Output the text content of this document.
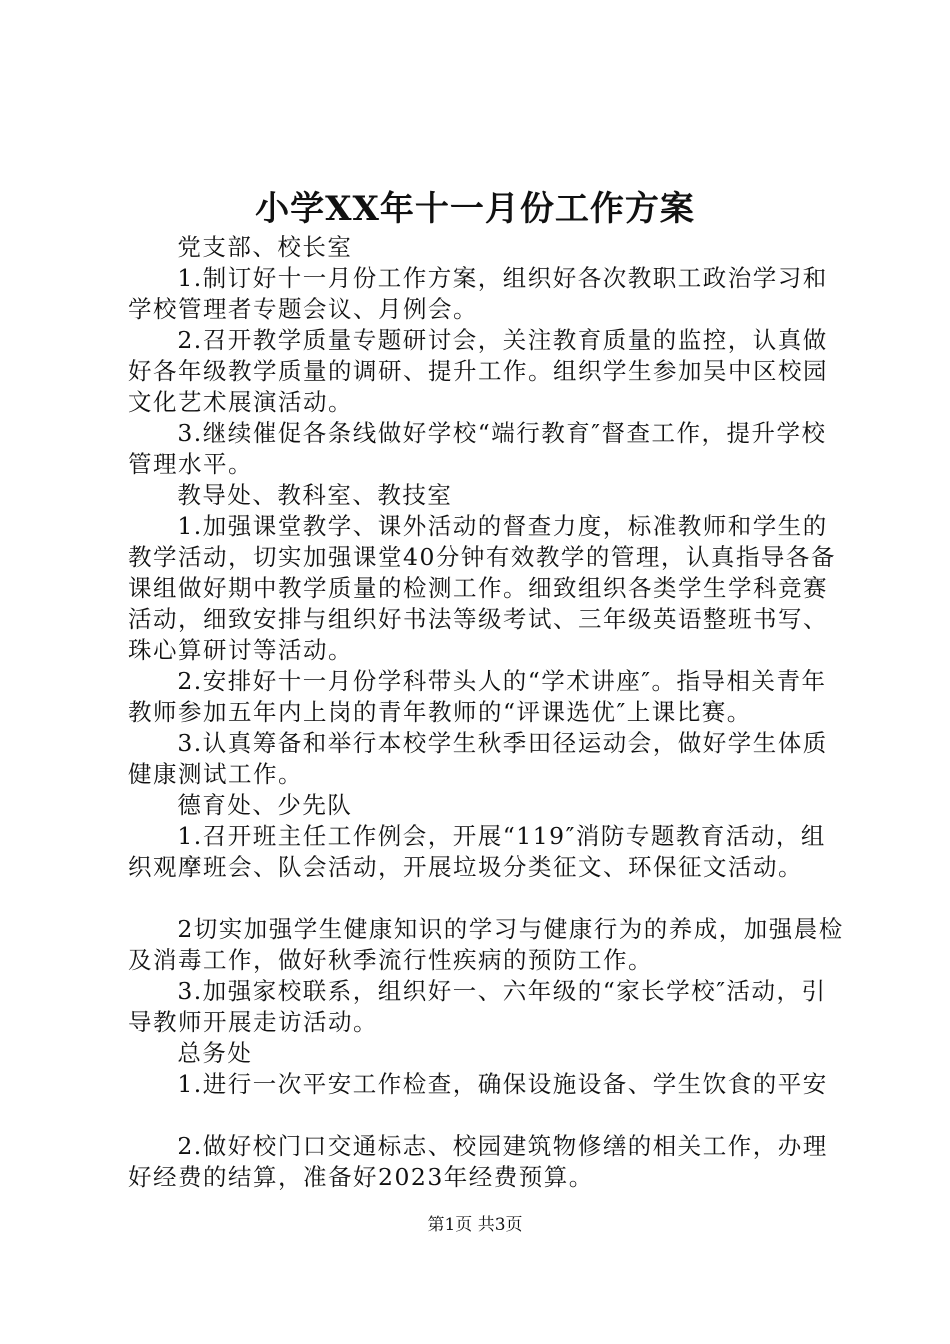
小学XX年十一月份工作方案

党支部、校长室

1.制订好十一月份工作方案，组织好各次教职工政治学习和学校管理者专题会议、月例会。

2.召开教学质量专题研讨会，关注教育质量的监控，认真做好各年级教学质量的调研、提升工作。组织学生参加吴中区校园文化艺术展演活动。

3.继续催促各条线做好学校“端行教育″督查工作，提升学校管理水平。

教导处、教科室、教技室

1.加强课堂教学、课外活动的督查力度，标准教师和学生的教学活动，切实加强课堂40分钟有效教学的管理，认真指导各备课组做好期中教学质量的检测工作。细致组织各类学生学科竞赛活动，细致安排与组织好书法等级考试、三年级英语整班书写、珠心算研讨等活动。

2.安排好十一月份学科带头人的“学术讲座″。指导相关青年教师参加五年内上岗的青年教师的“评课选优″上课比赛。

3.认真筹备和举行本校学生秋季田径运动会，做好学生体质健康测试工作。

德育处、少先队

1.召开班主任工作例会，开展“119″消防专题教育活动，组织观摩班会、队会活动，开展垃圾分类征文、环保征文活动。

2切实加强学生健康知识的学习与健康行为的养成，加强晨检及消毒工作，做好秋季流行性疾病的预防工作。

3.加强家校联系，组织好一、六年级的“家长学校″活动，引导教师开展走访活动。

总务处

1.进行一次平安工作检查，确保设施设备、学生饮食的平安

2.做好校门口交通标志、校园建筑物修缮的相关工作，办理好经费的结算，准备好2023年经费预算。

第1页 共3页
